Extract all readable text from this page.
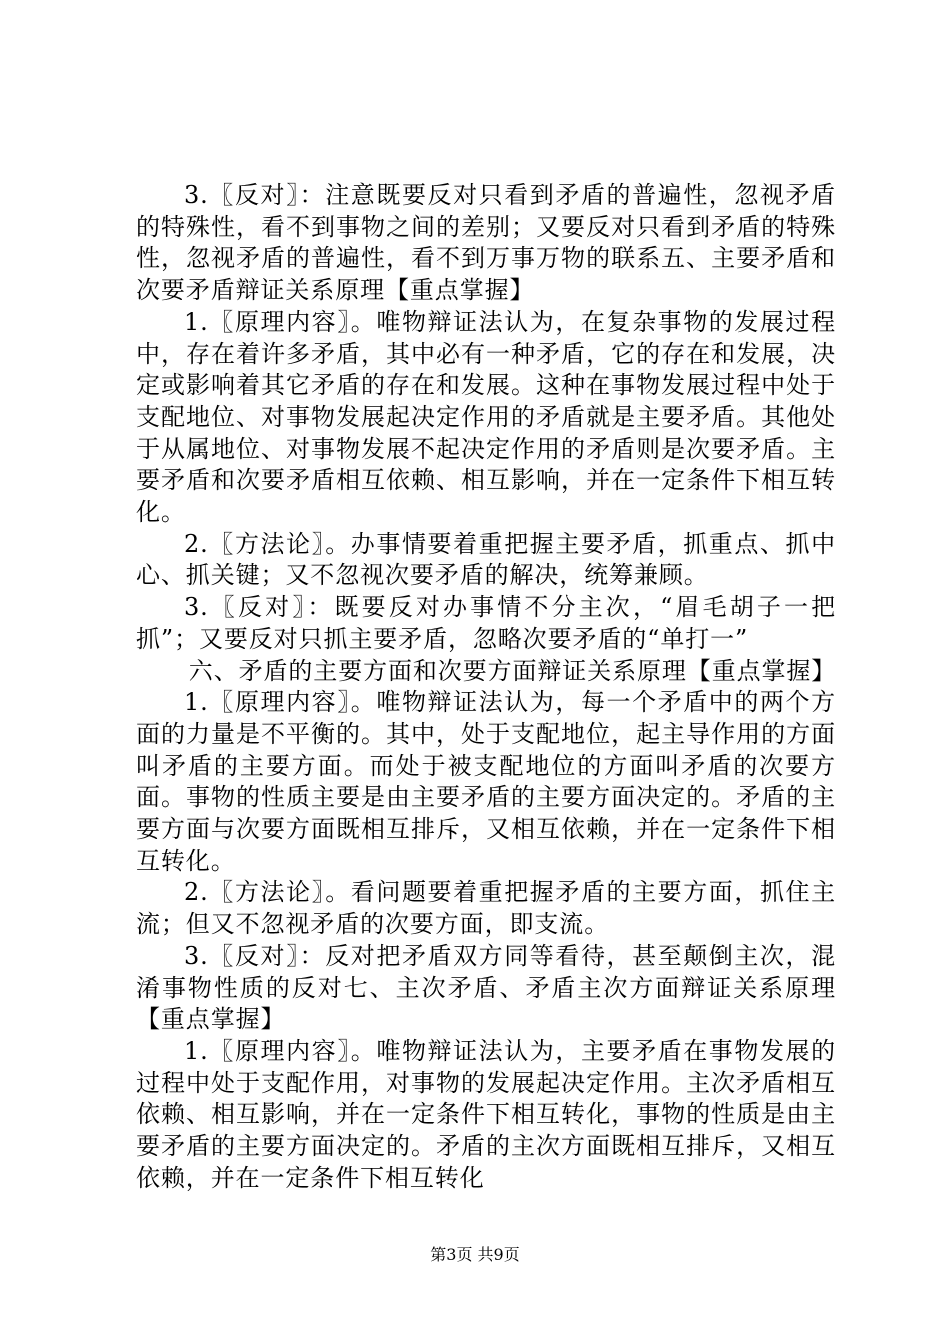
3.〖反对〗：注意既要反对只看到矛盾的普遍性，忽视矛盾的特殊性，看不到事物之间的差别；又要反对只看到矛盾的特殊性，忽视矛盾的普遍性，看不到万事万物的联系五、主要矛盾和次要矛盾辩证关系原理【重点掌握】

1.〖原理内容〗。唯物辩证法认为，在复杂事物的发展过程中，存在着许多矛盾，其中必有一种矛盾，它的存在和发展，决定或影响着其它矛盾的存在和发展。这种在事物发展过程中处于支配地位、对事物发展起决定作用的矛盾就是主要矛盾。其他处于从属地位、对事物发展不起决定作用的矛盾则是次要矛盾。主要矛盾和次要矛盾相互依赖、相互影响，并在一定条件下相互转化。

2.〖方法论〗。办事情要着重把握主要矛盾，抓重点、抓中心、抓关键；又不忽视次要矛盾的解决，统筹兼顾。

3.〖反对〗：既要反对办事情不分主次，“眉毛胡子一把抓”；又要反对只抓主要矛盾，忽略次要矛盾的“单打一”

六、矛盾的主要方面和次要方面辩证关系原理【重点掌握】

1.〖原理内容〗。唯物辩证法认为，每一个矛盾中的两个方面的力量是不平衡的。其中，处于支配地位，起主导作用的方面叫矛盾的主要方面。而处于被支配地位的方面叫矛盾的次要方面。事物的性质主要是由主要矛盾的主要方面决定的。矛盾的主要方面与次要方面既相互排斥，又相互依赖，并在一定条件下相互转化。

2.〖方法论〗。看问题要着重把握矛盾的主要方面，抓住主流；但又不忽视矛盾的次要方面，即支流。

3.〖反对〗：反对把矛盾双方同等看待，甚至颠倒主次，混淆事物性质的反对七、主次矛盾、矛盾主次方面辩证关系原理【重点掌握】

1.〖原理内容〗。唯物辩证法认为，主要矛盾在事物发展的过程中处于支配作用，对事物的发展起决定作用。主次矛盾相互依赖、相互影响，并在一定条件下相互转化，事物的性质是由主要矛盾的主要方面决定的。矛盾的主次方面既相互排斥，又相互依赖，并在一定条件下相互转化

第3页 共9页
